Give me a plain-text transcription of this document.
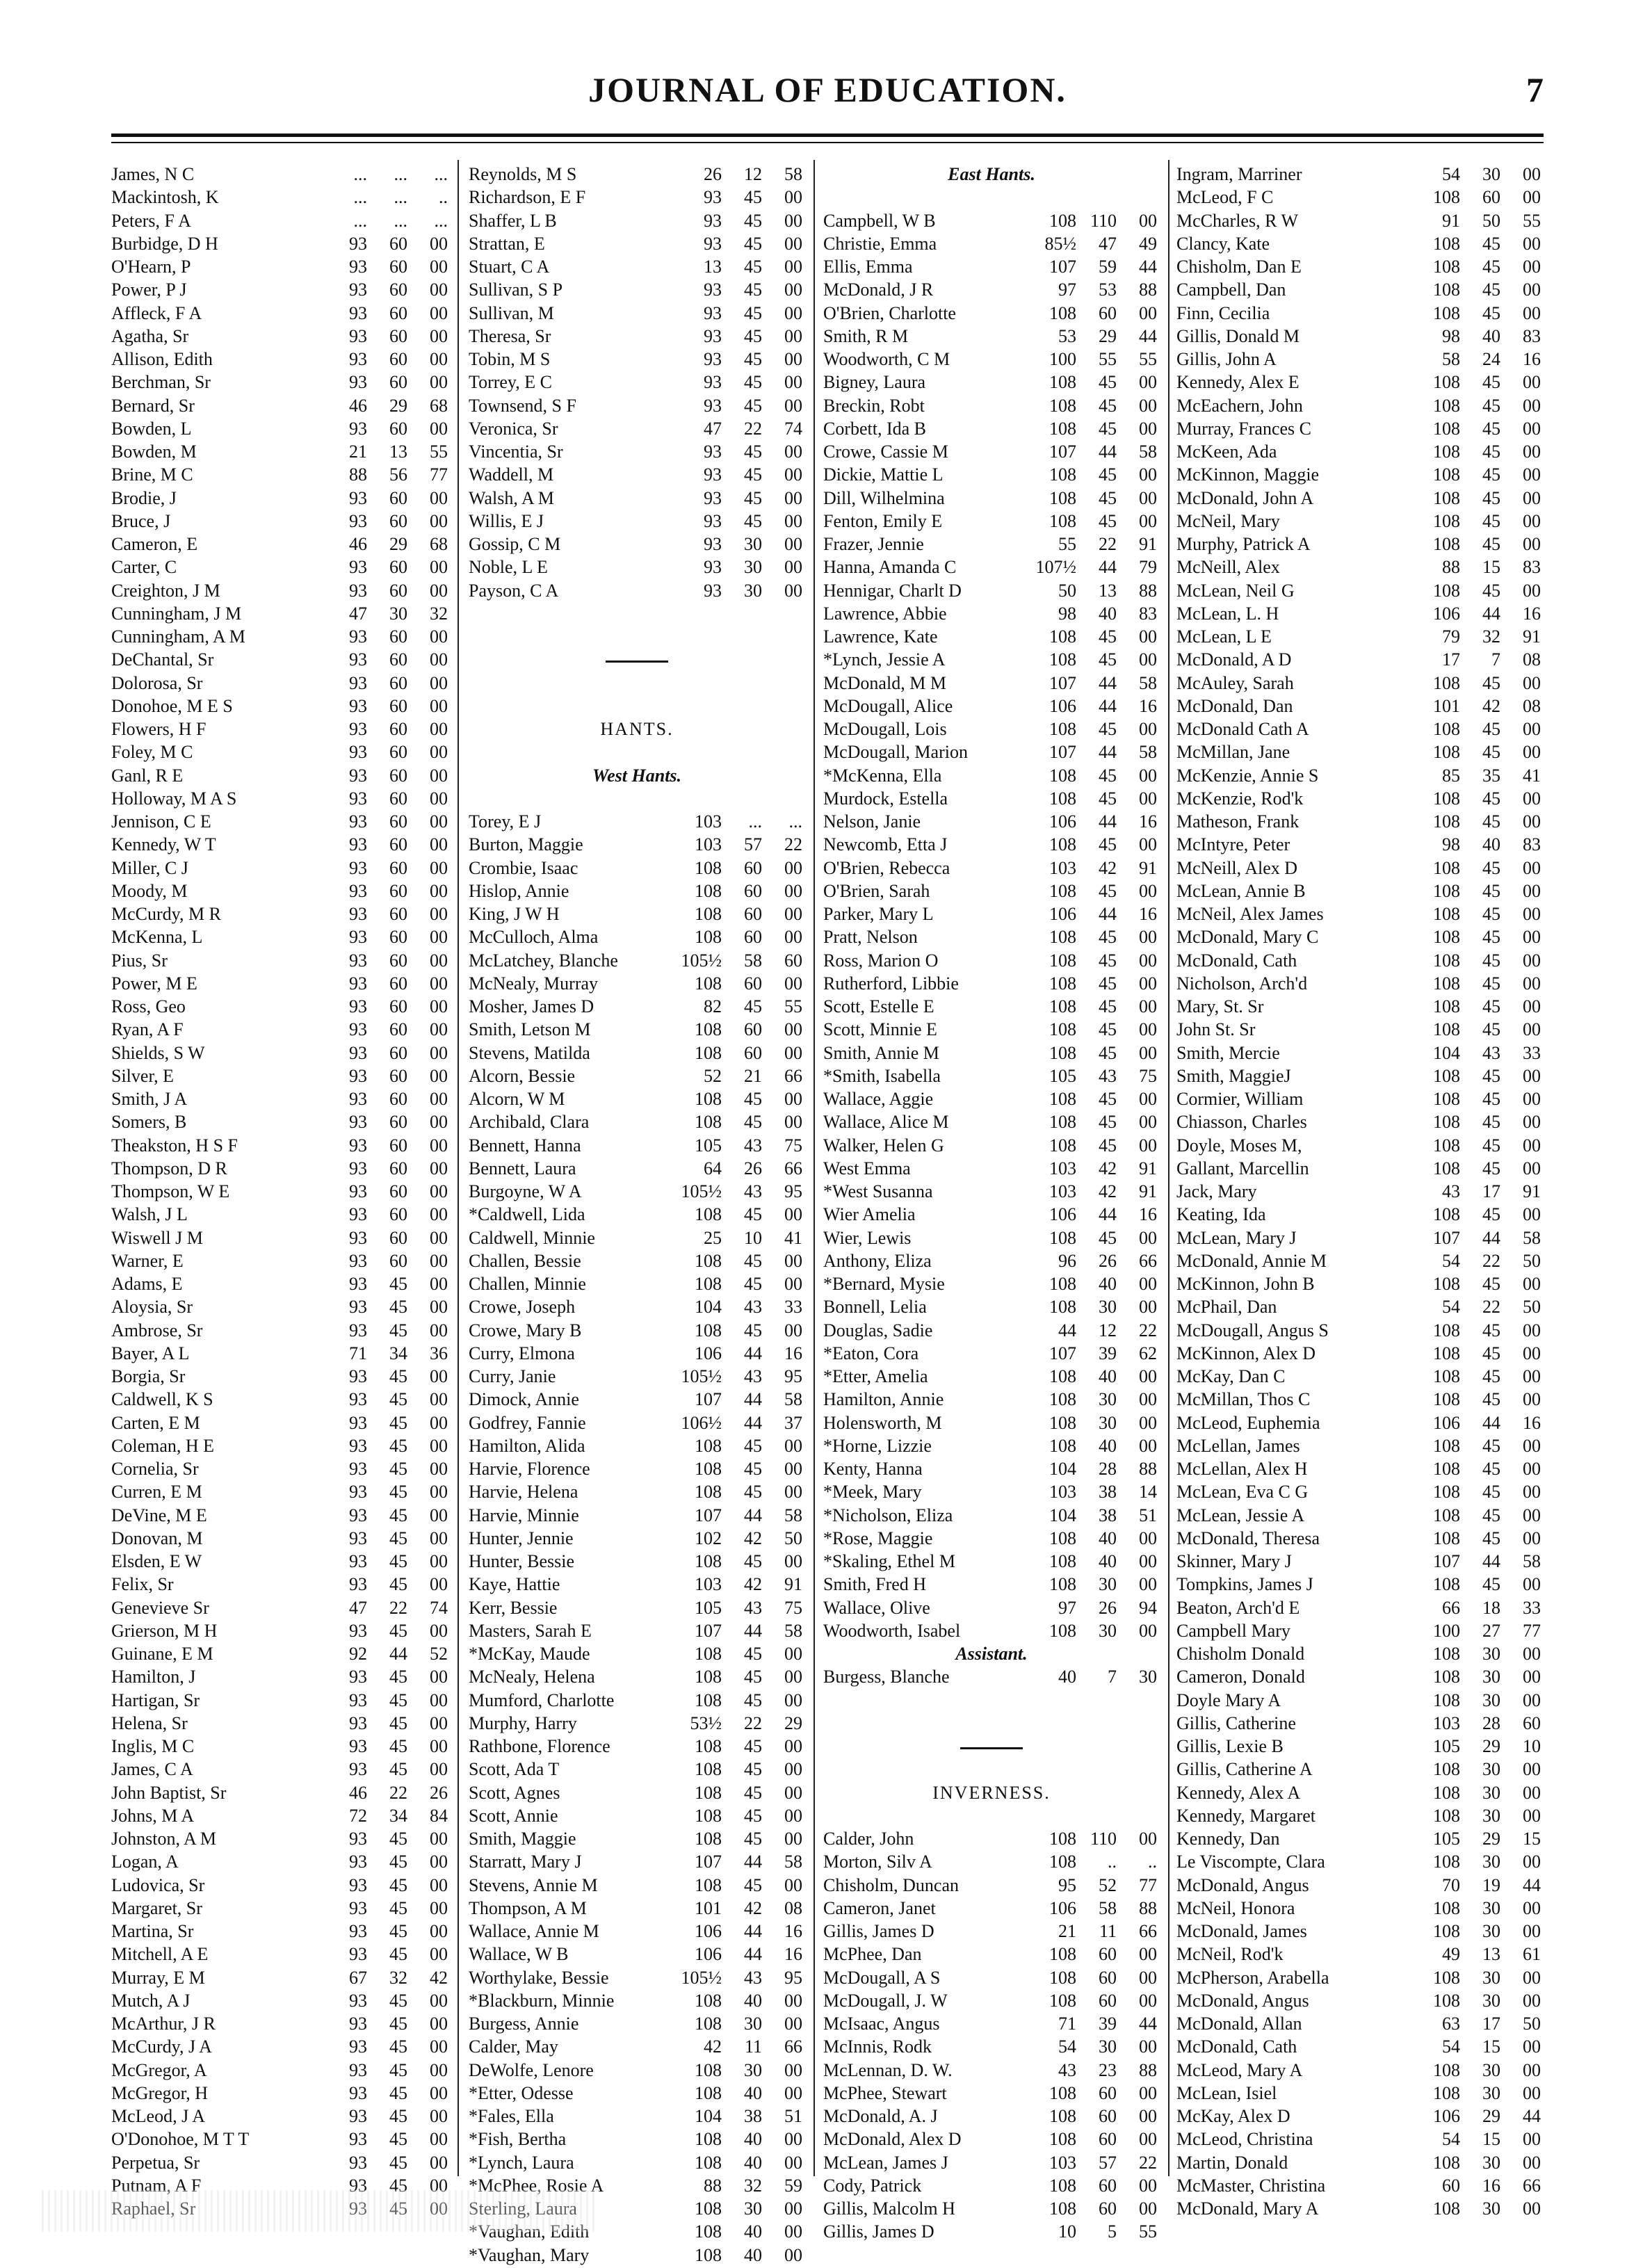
JOURNAL OF EDUCATION.	7
James, N C	... ... ...
Mackintosh, K	... ... ..
Peters, F A	... ... ...
Burbidge, D H	93 60 00
O'Hearn, P	93 60 00
Power, P J	93 60 00
Affleck, F A	93 60 00
Agatha, Sr	93 60 00
Allison, Edith	93 60 00
Berchman, Sr	93 60 00
Bernard, Sr	46 29 68
Bowden, L	93 60 00
Bowden, M	21 13 55
Brine, M C	88 56 77
Brodie, J	93 60 00
Bruce, J	93 60 00
Cameron, E	46 29 68
Carter, C	93 60 00
Creighton, J M	93 60 00
Cunningham, J M	47 30 32
Cunningham, A M	93 60 00
DeChantal, Sr	93 60 00
Dolorosa, Sr	93 60 00
Donohoe, M E S	93 60 00
Flowers, H F	93 60 00
Foley, M C	93 60 00
Ganl, R E	93 60 00
Holloway, M A S	93 60 00
Jennison, C E	93 60 00
Kennedy, W T	93 60 00
Miller, C J	93 60 00
Moody, M	93 60 00
McCurdy, M R	93 60 00
McKenna, L	93 60 00
Pius, Sr	93 60 00
Power, M E	93 60 00
Ross, Geo	93 60 00
Ryan, A F	93 60 00
Shields, S W	93 60 00
Silver, E	93 60 00
Smith, J A	93 60 00
Somers, B	93 60 00
Theakston, H S F	93 60 00
Thompson, D R	93 60 00
Thompson, W E	93 60 00
Walsh, J L	93 60 00
Wiswell J M	93 60 00
Warner, E	93 60 00
Adams, E	93 45 00
Aloysia, Sr	93 45 00
Ambrose, Sr	93 45 00
Bayer, A L	71 34 36
Borgia, Sr	93 45 00
Caldwell, K S	93 45 00
Carten, E M	93 45 00
Coleman, H E	93 45 00
Cornelia, Sr	93 45 00
Curren, E M	93 45 00
DeVine, M E	93 45 00
Donovan, M	93 45 00
Elsden, E W	93 45 00
Felix, Sr	93 45 00
Genevieve Sr	47 22 74
Grierson, M H	93 45 00
Guinane, E M	92 44 52
Hamilton, J	93 45 00
Hartigan, Sr	93 45 00
Helena, Sr	93 45 00
Inglis, M C	93 45 00
James, C A	93 45 00
John Baptist, Sr	46 22 26
Johns, M A	72 34 84
Johnston, A M	93 45 00
Logan, A	93 45 00
Ludovica, Sr	93 45 00
Margaret, Sr	93 45 00
Martina, Sr	93 45 00
Mitchell, A E	93 45 00
Murray, E M	67 32 42
Mutch, A J	93 45 00
McArthur, J R	93 45 00
McCurdy, J A	93 45 00
McGregor, A	93 45 00
McGregor, H	93 45 00
McLeod, J A	93 45 00
O'Donohoe, M T T	93 45 00
Perpetua, Sr	93 45 00
Putnam, A F	93 45 00
Raphael, Sr	93 45 00
Reynolds, M S	26 12 58
Richardson, E F	93 45 00
Shaffer, L B	93 45 00
Strattan, E	93 45 00
Stuart, C A	13 45 00
Sullivan, S P	93 45 00
Sullivan, M	93 45 00
Theresa, Sr	93 45 00
Tobin, M S	93 45 00
Torrey, E C	93 45 00
Townsend, S F	93 45 00
Veronica, Sr	47 22 74
Vincentia, Sr	93 45 00
Waddell, M	93 45 00
Walsh, A M	93 45 00
Willis, E J	93 45 00
Gossip, C M	93 30 00
Noble, L E	93 30 00
Payson, C A	93 30 00
HANTS.
West Hants.
Torey, E J	103 ... ...
Burton, Maggie	103 57 22
Crombie, Isaac	108 60 00
Hislop, Annie	108 60 00
King, J W H	108 60 00
McCulloch, Alma	108 60 00
McLatchey, Blanche	105½ 58 60
McNealy, Murray	108 60 00
Mosher, James D	82 45 55
Smith, Letson M	108 60 00
Stevens, Matilda	108 60 00
Alcorn, Bessie	52 21 66
Alcorn, W M	108 45 00
Archibald, Clara	108 45 00
Bennett, Hanna	105 43 75
Bennett, Laura	64 26 66
Burgoyne, W A	105½ 43 95
*Caldwell, Lida	108 45 00
Caldwell, Minnie	25 10 41
Challen, Bessie	108 45 00
Challen, Minnie	108 45 00
Crowe, Joseph	104 43 33
Crowe, Mary B	108 45 00
Curry, Elmona	106 44 16
Curry, Janie	105½ 43 95
Dimock, Annie	107 44 58
Godfrey, Fannie	106½ 44 37
Hamilton, Alida	108 45 00
Harvie, Florence	108 45 00
Harvie, Helena	108 45 00
Harvie, Minnie	107 44 58
Hunter, Jennie	102 42 50
Hunter, Bessie	108 45 00
Kaye, Hattie	103 42 91
Kerr, Bessie	105 43 75
Masters, Sarah E	107 44 58
*McKay, Maude	108 45 00
McNealy, Helena	108 45 00
Mumford, Charlotte	108 45 00
Murphy, Harry	53½ 22 29
Rathbone, Florence	108 45 00
Scott, Ada T	108 45 00
Scott, Agnes	108 45 00
Scott, Annie	108 45 00
Smith, Maggie	108 45 00
Starratt, Mary J	107 44 58
Stevens, Annie M	108 45 00
Thompson, A M	101 42 08
Wallace, Annie M	106 44 16
Wallace, W B	106 44 16
Worthylake, Bessie	105½ 43 95
*Blackburn, Minnie	108 40 00
Burgess, Annie	108 30 00
Calder, May	42 11 66
DeWolfe, Lenore	108 30 00
*Etter, Odesse	108 40 00
*Fales, Ella	104 38 51
*Fish, Bertha	108 40 00
*Lynch, Laura	108 40 00
*McPhee, Rosie A	88 32 59
Sterling, Laura	108 30 00
*Vaughan, Edith	108 40 00
*Vaughan, Mary	108 40 00
East Hants.
Campbell, W B	108 110 00
Christie, Emma	85½ 47 49
Ellis, Emma	107 59 44
McDonald, J R	97 53 88
O'Brien, Charlotte	108 60 00
Smith, R M	53 29 44
Woodworth, C M	100 55 55
Bigney, Laura	108 45 00
Breckin, Robt	108 45 00
Corbett, Ida B	108 45 00
Crowe, Cassie M	107 44 58
Dickie, Mattie L	108 45 00
Dill, Wilhelmina	108 45 00
Fenton, Emily E	108 45 00
Frazer, Jennie	55 22 91
Hanna, Amanda C	107½ 44 79
Hennigar, Charlt D	50 13 88
Lawrence, Abbie	98 40 83
Lawrence, Kate	108 45 00
*Lynch, Jessie A	108 45 00
McDonald, M M	107 44 58
McDougall, Alice	106 44 16
McDougall, Lois	108 45 00
McDougall, Marion	107 44 58
*McKenna, Ella	108 45 00
Murdock, Estella	108 45 00
Nelson, Janie	106 44 16
Newcomb, Etta J	108 45 00
O'Brien, Rebecca	103 42 91
O'Brien, Sarah	108 45 00
Parker, Mary L	106 44 16
Pratt, Nelson	108 45 00
Ross, Marion O	108 45 00
Rutherford, Libbie	108 45 00
Scott, Estelle E	108 45 00
Scott, Minnie E	108 45 00
Smith, Annie M	108 45 00
*Smith, Isabella	105 43 75
Wallace, Aggie	108 45 00
Wallace, Alice M	108 45 00
Walker, Helen G	108 45 00
West Emma	103 42 91
*West Susanna	103 42 91
Wier Amelia	106 44 16
Wier, Lewis	108 45 00
Anthony, Eliza	96 26 66
*Bernard, Mysie	108 40 00
Bonnell, Lelia	108 30 00
Douglas, Sadie	44 12 22
*Eaton, Cora	107 39 62
*Etter, Amelia	108 40 00
Hamilton, Annie	108 30 00
Holensworth, M	108 30 00
*Horne, Lizzie	108 40 00
Kenty, Hanna	104 28 88
*Meek, Mary	103 38 14
*Nicholson, Eliza	104 38 51
*Rose, Maggie	108 40 00
*Skaling, Ethel M	108 40 00
Smith, Fred H	108 30 00
Wallace, Olive	97 26 94
Woodworth, Isabel	108 30 00
Assistant.
Burgess, Blanche	40 7 30
INVERNESS.
Calder, John	108 110 00
Morton, Silv A	108 .. ..
Chisholm, Duncan	95 52 77
Cameron, Janet	106 58 88
Gillis, James D	21 11 66
McPhee, Dan	108 60 00
McDougall, A S	108 60 00
McDougall, J. W	108 60 00
McIsaac, Angus	71 39 44
McInnis, Rodk	54 30 00
McLennan, D. W.	43 23 88
McPhee, Stewart	108 60 00
McDonald, A. J	108 60 00
McDonald, Alex D	108 60 00
McLean, James J	103 57 22
Cody, Patrick	108 60 00
Gillis, Malcolm H	108 60 00
Gillis, James D	10 5 55
Ingram, Marriner	54 30 00
McLeod, F C	108 60 00
McCharles, R W	91 50 55
Clancy, Kate	108 45 00
Chisholm, Dan E	108 45 00
Campbell, Dan	108 45 00
Finn, Cecilia	108 45 00
Gillis, Donald M	98 40 83
Gillis, John A	58 24 16
Kennedy, Alex E	108 45 00
McEachern, John	108 45 00
Murray, Frances C	108 45 00
McKeen, Ada	108 45 00
McKinnon, Maggie	108 45 00
McDonald, John A	108 45 00
McNeil, Mary	108 45 00
Murphy, Patrick A	108 45 00
McNeill, Alex	88 15 83
McLean, Neil G	108 45 00
McLean, L. H	106 44 16
McLean, L E	79 32 91
McDonald, A D	17 7 08
McAuley, Sarah	108 45 00
McDonald, Dan	101 42 08
McDonald Cath A	108 45 00
McMillan, Jane	108 45 00
McKenzie, Annie S	85 35 41
McKenzie, Rod'k	108 45 00
Matheson, Frank	108 45 00
McIntyre, Peter	98 40 83
McNeill, Alex D	108 45 00
McLean, Annie B	108 45 00
McNeil, Alex James	108 45 00
McDonald, Mary C	108 45 00
McDonald, Cath	108 45 00
Nicholson, Arch'd	108 45 00
Mary, St. Sr	108 45 00
John St. Sr	108 45 00
Smith, Mercie	104 43 33
Smith, MaggieJ	108 45 00
Cormier, William	108 45 00
Chiasson, Charles	108 45 00
Doyle, Moses M,	108 45 00
Gallant, Marcellin	108 45 00
Jack, Mary	43 17 91
Keating, Ida	108 45 00
McLean, Mary J	107 44 58
McDonald, Annie M	54 22 50
McKinnon, John B	108 45 00
McPhail, Dan	54 22 50
McDougall, Angus S	108 45 00
McKinnon, Alex D	108 45 00
McKay, Dan C	108 45 00
McMillan, Thos C	108 45 00
McLeod, Euphemia	106 44 16
McLellan, James	108 45 00
McLellan, Alex H	108 45 00
McLean, Eva C G	108 45 00
McLean, Jessie A	108 45 00
McDonald, Theresa	108 45 00
Skinner, Mary J	107 44 58
Tompkins, James J	108 45 00
Beaton, Arch'd E	66 18 33
Campbell Mary	100 27 77
Chisholm Donald	108 30 00
Cameron, Donald	108 30 00
Doyle Mary A	108 30 00
Gillis, Catherine	103 28 60
Gillis, Lexie B	105 29 10
Gillis, Catherine A	108 30 00
Kennedy, Alex A	108 30 00
Kennedy, Margaret	108 30 00
Kennedy, Dan	105 29 15
Le Viscompte, Clara	108 30 00
McDonald, Angus	70 19 44
McNeil, Honora	108 30 00
McDonald, James	108 30 00
McNeil, Rod'k	49 13 61
McPherson, Arabella	108 30 00
McDonald, Angus	108 30 00
McDonald, Allan	63 17 50
McDonald, Cath	54 15 00
McLeod, Mary A	108 30 00
McLean, Isiel	108 30 00
McKay, Alex D	106 29 44
McLeod, Christina	54 15 00
Martin, Donald	108 30 00
McMaster, Christina	60 16 66
McDonald, Mary A	108 30 00
